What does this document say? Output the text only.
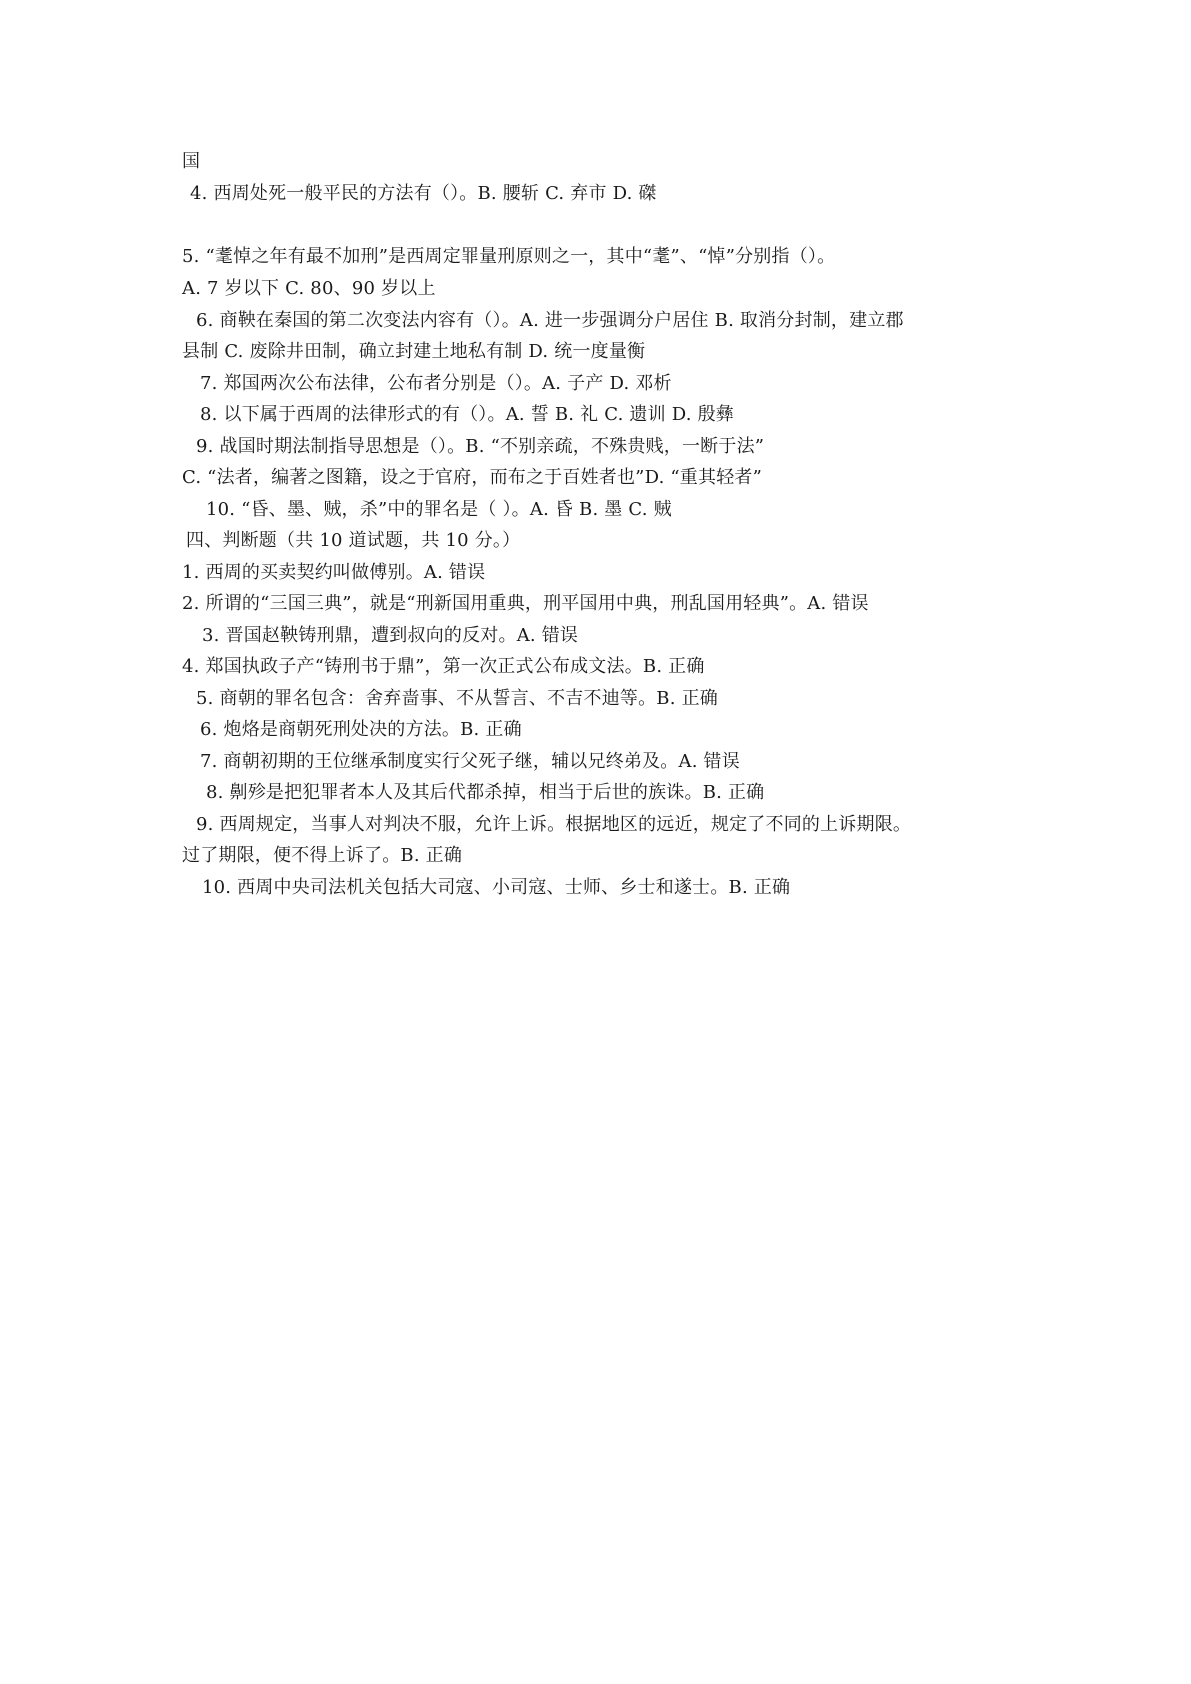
国
4. 西周处死一般平民的方法有（）。B. 腰斩 C. 弃市 D. 磔
5. “耄悼之年有最不加刑”是西周定罪量刑原则之一，其中“耄”、“悼”分别指（）。
A. 7 岁以下 C. 80、90 岁以上
6. 商鞅在秦国的第二次变法内容有（）。A. 进一步强调分户居住 B. 取消分封制，建立郡
县制 C. 废除井田制，确立封建土地私有制 D. 统一度量衡
7. 郑国两次公布法律，公布者分别是（）。A. 子产 D. 邓析
8. 以下属于西周的法律形式的有（）。A. 誓 B. 礼 C. 遗训 D. 殷彝
9. 战国时期法制指导思想是（）。B. “不别亲疏，不殊贵贱，一断于法”
C. “法者，编著之图籍，设之于官府，而布之于百姓者也”D. “重其轻者”
10. “昏、墨、贼，杀”中的罪名是（ ）。A. 昏 B. 墨 C. 贼
四、判断题（共 10 道试题，共 10 分。）
1. 西周的买卖契约叫做傅别。A. 错误
2. 所谓的“三国三典”，就是“刑新国用重典，刑平国用中典，刑乱国用轻典”。A. 错误
3. 晋国赵鞅铸刑鼎，遭到叔向的反对。A. 错误
4. 郑国执政子产“铸刑书于鼎”，第一次正式公布成文法。B. 正确
5. 商朝的罪名包含：舍弃啬事、不从誓言、不吉不迪等。B. 正确
6. 炮烙是商朝死刑处决的方法。B. 正确
7. 商朝初期的王位继承制度实行父死子继，辅以兄终弟及。A. 错误
8. 劓殄是把犯罪者本人及其后代都杀掉，相当于后世的族诛。B. 正确
9. 西周规定，当事人对判决不服，允许上诉。根据地区的远近，规定了不同的上诉期限。
过了期限，便不得上诉了。B. 正确
10. 西周中央司法机关包括大司寇、小司寇、士师、乡士和遂士。B. 正确
